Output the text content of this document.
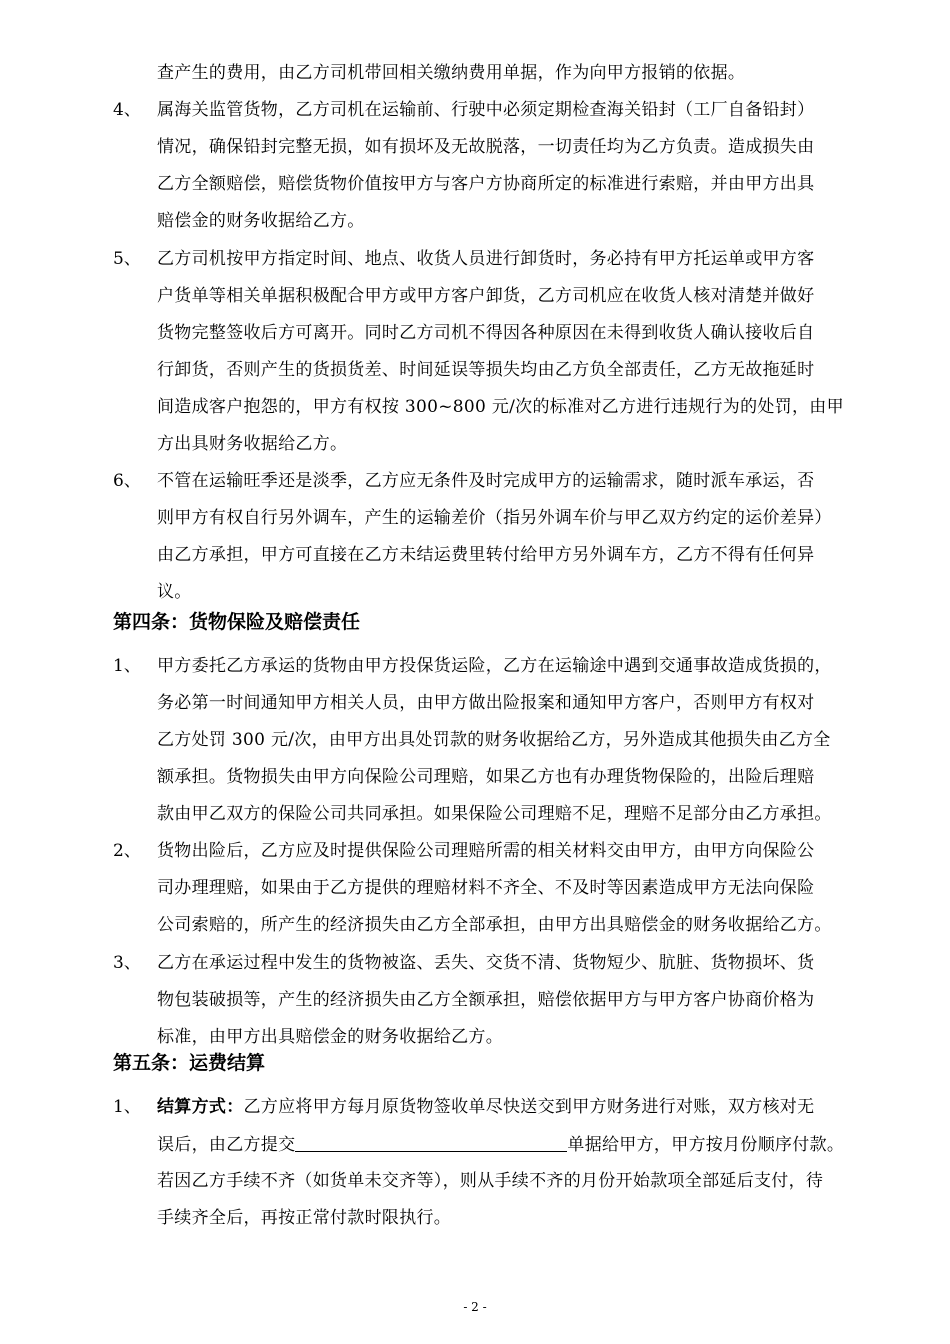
查产生的费用，由乙方司机带回相关缴纳费用单据，作为向甲方报销的依据。
4、 属海关监管货物，乙方司机在运输前、行驶中必须定期检查海关铅封（工厂自备铅封）
情况，确保铅封完整无损，如有损坏及无故脱落，一切责任均为乙方负责。造成损失由
乙方全额赔偿，赔偿货物价值按甲方与客户方协商所定的标准进行索赔，并由甲方出具
赔偿金的财务收据给乙方。
5、 乙方司机按甲方指定时间、地点、收货人员进行卸货时，务必持有甲方托运单或甲方客
户货单等相关单据积极配合甲方或甲方客户卸货，乙方司机应在收货人核对清楚并做好
货物完整签收后方可离开。同时乙方司机不得因各种原因在未得到收货人确认接收后自
行卸货，否则产生的货损货差、时间延误等损失均由乙方负全部责任，乙方无故拖延时
间造成客户抱怨的，甲方有权按 300~800 元/次的标准对乙方进行违规行为的处罚，由甲
方出具财务收据给乙方。
6、 不管在运输旺季还是淡季，乙方应无条件及时完成甲方的运输需求，随时派车承运，否
则甲方有权自行另外调车，产生的运输差价（指另外调车价与甲乙双方约定的运价差异）
由乙方承担，甲方可直接在乙方未结运费里转付给甲方另外调车方，乙方不得有任何异
议。
第四条：货物保险及赔偿责任
1、 甲方委托乙方承运的货物由甲方投保货运险，乙方在运输途中遇到交通事故造成货损的，
务必第一时间通知甲方相关人员，由甲方做出险报案和通知甲方客户，否则甲方有权对
乙方处罚 300 元/次，由甲方出具处罚款的财务收据给乙方，另外造成其他损失由乙方全
额承担。货物损失由甲方向保险公司理赔，如果乙方也有办理货物保险的，出险后理赔
款由甲乙双方的保险公司共同承担。如果保险公司理赔不足，理赔不足部分由乙方承担。
2、 货物出险后，乙方应及时提供保险公司理赔所需的相关材料交由甲方，由甲方向保险公
司办理理赔，如果由于乙方提供的理赔材料不齐全、不及时等因素造成甲方无法向保险
公司索赔的，所产生的经济损失由乙方全部承担，由甲方出具赔偿金的财务收据给乙方。
3、 乙方在承运过程中发生的货物被盗、丢失、交货不清、货物短少、肮脏、货物损坏、货
物包装破损等，产生的经济损失由乙方全额承担，赔偿依据甲方与甲方客户协商价格为
标准，由甲方出具赔偿金的财务收据给乙方。
第五条：运费结算
1、 结算方式：乙方应将甲方每月原货物签收单尽快送交到甲方财务进行对账，双方核对无
误后，由乙方提交	单据给甲方，甲方按月份顺序付款。
若因乙方手续不齐（如货单未交齐等），则从手续不齐的月份开始款项全部延后支付，待
手续齐全后，再按正常付款时限执行。
- 2 -
